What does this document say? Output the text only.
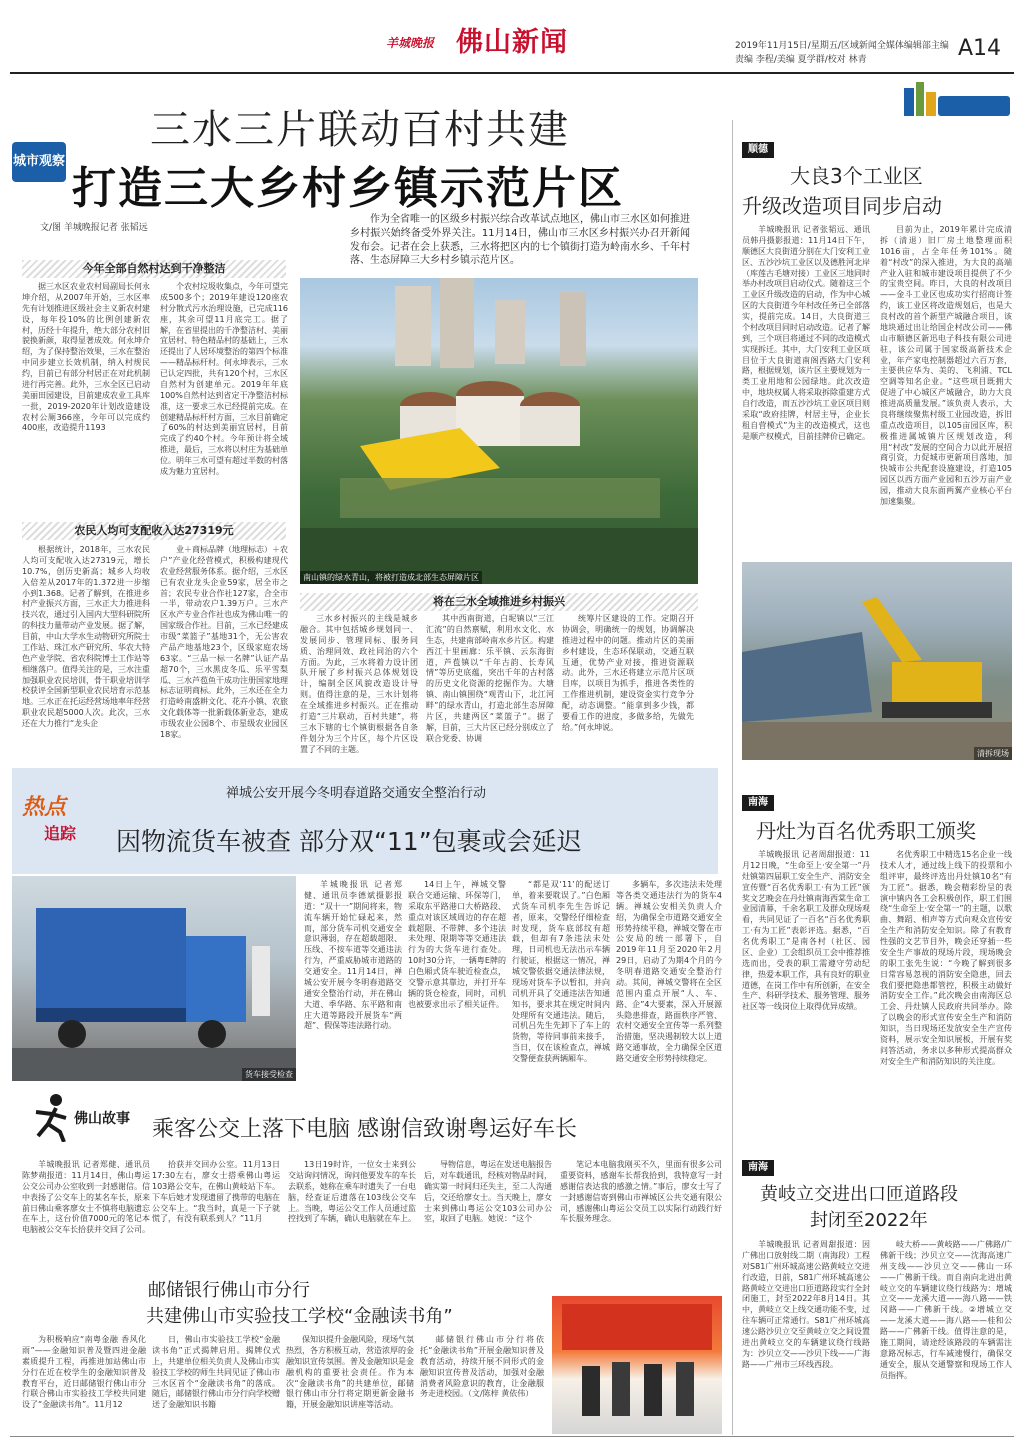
羊城晚报 佛山新闻	2019年11月15日/星期五/区域新闻全媒体编辑部主编
责编 李程/美编 夏学群/校对 林青	A14
城市观察
三水三片联动百村共建
打造三大乡村乡镇示范片区
文/图 羊城晚报记者 张韬远

作为全省唯一的区级乡村振兴综合改革试点地区，佛山市三水区如何推进乡村振兴始终备受外界关注。11月14日，佛山市三水区乡村振兴办召开新闻发布会。记者在会上获悉，三水将把区内的七个镇街打造为岭南水乡、千年村落、生态屏障三大乡村乡镇示范片区。

今年全部自然村达到干净整洁

据三水区农业农村局副局长何永坤介绍，从2007年开始，三水区率先有计划推进区级社会主义新农村建设，每年投10%的比例创建新农村，历经十年提升，绝大部分农村旧貌换新颜，取得显著成效。何永坤介绍，为了保持整治效果，三水在整治中同步建立长效机制，纳入村规民约，目前已有部分村居正在对此机制进行再完善。此外，三水全区已启动美丽田园建设，目前建成农业工具库一批，2019-2020年计划改造建设农村公厕366座，今年可以完成约400座，改造提升1193

个农村垃圾收集点，今年可望完成500多个；2019年建设120座农村分散式污水治理设施，已完成116座，其余可望11月底完工。据了解，在省里提出的千净整洁村、美丽宜居村、特色精品村的基础上，三水还提出了人居环境整治的第四个标准——精品标杆村。何永坤表示，三水已认定四批，共有120个村，三水区自然村为创建单元。2019年年底100%自然村达到省定干净整洁村标准，这一要求三水已经提前完成。在创建精品标杆村方面，三水目前确定了60%的村达到美丽宜居村，目前完成了约40个村。今年预计将全域推进，最后，三水将以村庄为基础单位。明年三水可望有超过半数的村落成为魅力宜居村。

农民人均可支配收入达27319元

根据统计，2018年，三水农民人均可支配收入达27319元，增长10.7%，创历史新高；城乡人均收入倍差从2017年的1.372进一步缩小到1.368。记者了解到，在推进乡村产业振兴方面，三水正大力推进科技兴农，通过引入国内大型科研院所的科技力量带动产业发展。据了解，目前，中山大学水生动物研究所院士工作站、珠江水产研究所、华农大特色产业学院、省农科院博士工作站等相继落户。值得关注的是，三水注重加强职业农民培训，骨干职业培训学校获评全国新型职业农民培育示范基地。三水正在托运经营场地率年经营职业农民超5000人次。此次，三水还在大力推行“龙头企

业＋商标品牌（地理标志）＋农户”产业化经营模式，积极构建现代农业经营服务体系。据介绍，三水区已有农业龙头企业59家，居全市之首；农民专业合作社127家，合全市一半，带动农户1.39万户。三水产区水产专业合作社也成为佛山唯一的国家级合作社。目前，三水已经建成市级“菜篮子”基地31个，无公害农产品产地基地23个，区级家庭农场63家。“三品一标一名牌”认证产品超70个，三水黑皮冬瓜、乐平雪梨瓜、三水芦苞鱼干成功注册国家地理标志证明商标。此外，三水还在全力打造岭南盛耕文化、花卉小镇、农旅文化载体等一批新载体新业态，建成市级农业公园8个、市星级农业园区18家。

南山镇的绿水青山，将被打造成北部生态屏障片区
将在三水全域推进乡村振兴

三水乡村振兴的主线是城乡融合。其中包括城乡规划同一、发展同步、管理同标、服务同质、治理同效、政社同治的六个方面。为此，三水将着力设计团队开展了乡村振兴总体规划设计，编制全区风貌改造设计导则。值得注意的是，三水计划将在全域推进乡村振兴。正在推动打造“三片联动，百村共建”，将三水下辖的七个镇街根据各自条件划分为三个片区，每个片区设置了不同的主题。

其中西南街道，白坭镇以“三江汇流”的自然禀赋，利用水文化、水生态，共建南部岭南水乡片区。构建西江十里画廊：乐平镇、云东海街道，芦苞镇以“千年古韵、长寿风情”等历史底蕴，突出千年的古村落的历史文化资源的挖掘作为。大塘镇、南山镇围绕“观青山下，北江河畔”的绿水青山，打造北部生态屏障片区，共建两区“菜篮子”。据了解，目前，三大片区已经分别成立了联合党委、协调

统筹片区建设的工作。定期召开协调会，明确统一的规划，协调解决推进过程中的问题。推动片区的美丽乡村建设，生态环保联动，交通互联互通，优势产业对接，推进资源联动。此外，三水还将建立示范片区项目库，以项目为抓手，推进各类性的工作推进机制，建设资金实行竞争分配，动态调整。“能拿到多少钱，都要看工作的进度，多做多给，先做先给。”何永坤说。

顺德
大良3个工业区
升级改造项目同步启动

羊城晚报讯 记者张韬远、通讯员韩丹摄影报道：11月14日下午，顺德区大良街道分别在大门安利工业区、五沙沙坑工业区以及德胜河北岸（库莲古毛塘对接）工业区三地同时举办村改项目启动仪式。随着这三个工业区升级改造的启动，作为中心城区的大良街道今年村改任务已全部落实，提前完成。14日，大良街道三个村改项目同时启动改造。记者了解到，三个项目将通过不同的改造模式实现拆迁。其中，大门安利工业区项目位于大良街道南阁西路大门安利路，根据规划，该片区主要规划为一类工业用地和公园绿地。此次改造中，地块权属人将采取拆除重建方式自行改造，而五沙沙坑工业区项目则采取“政府挂牌，村居主导，企业长租自营模式”为主的改造模式，这也是顺产权模式，目前挂牌价已确定。

目前为止，2019年累计完成清拆（清退）旧厂房土地整理面积1016亩，占全年任务101%。随着“村改”的深入推进，为大良的高端产业入驻和城市建设项目提供了不少的宝贵空间。昨日，大良的村改项目——金斗工业区也成功实行招商计签约，该工业区将改造规划后，也是大良村改的首个新型产城融合项目，该地块通过出让给国企村改公司——佛山市顺德区新迅电子科技有限公司进驻，该公司属于国家级高新技术企业，年产家电控制器超过六百万套，主要供应华为、美的、飞利浦、TCL 空调等知名企业。“这些项目既拥大促进了中心城区产城融合，助力大良推进高质量发展。”该负责人表示，大良将继续聚焦村级工业园改造，拆旧重点改造项目，以105亩园区库，积极推进属城镇片区规划改造，利用“村改”发展的空间合力以此开展招商引资，力促城市更新项目落地，加快城市公共配套设施建设，打造105园区以西方面产业园和五沙万亩产业园，推动大良东面两翼产业核心平台加速集聚。

清拆现场
南海
丹灶为百名优秀职工颁奖

羊城晚报讯 记者周甜报道：11月12日晚，“生命至上·安全第一”丹灶镇第四届职工安全生产、消防安全宣传暨“百名优秀职工·有为工匠”颁奖文艺晚会在丹灶镇南海西棠生命工业园清幕，千余名职工及群众现场观看，共同见证了一百名“百名优秀职工·有为工匠”表彰评选。据悉，“百名优秀职工”是南各村（社区、园区、企业）工会组织员工会中推荐推选而出，受表的职工需遵守劳动纪律，热爱本职工作，具有良好的职业道德，在岗工作中有所创新，在安全生产、科研学技术、服务管理、服务社区等一线岗位上取得优异成绩。

名优秀职工中精选15名企业一线技术人才，通过线上线下的投票和小组评审，最终评选出丹灶镇10名“有为工匠”。据悉，晚会精彩纷呈的表演中镇内各工会积极创作，职工们围绕“生命至上·安全第一”的主题，以歌曲、舞蹈、相声等方式向观众宣传安全生产和消防安全知识。除了有教育性强的文艺节目外，晚会还穿插一些安全生产事故的现场片段，现场晚会的职工张先生说：“今晚了解到很多日常容易忽视的消防安全隐患，回去我们要把隐患都管控，积极主动做好消防安全工作。”此次晚会由南海区总工会、丹灶镇人民政府共同举办。除了以晚会的形式宣传安全生产和消防知识，当日现场还发放安全生产宣传资料，展示安全知识展板，开展有奖问答活动，务求以多种形式提高群众对安全生产和消防知识的关注度。

南海
黄岐立交进出口匝道路段
封闭至2022年

羊城晚报讯 记者周甜报道：因广佛出口放射线二期（南海段）工程对S81广州环城高速公路黄岐立交进行改造，日前，S81广州环城高速公路黄岐立交进出口匝道路段实行全封闭施工，封至2022年8月14日。其中，黄岐立交上线交通功能不变，过往车辆可正常通行。S81广州环城高速公路沙贝立交至黄岐立交之间设置进出黄岐立交的车辆建议绕行线路为：沙贝立交——沙贝下线——广海路——广州市三环线西段。

岐大桥——黄岐路——广佛路/广佛新干线；沙贝立交——沈海高速广州支线——沙贝立交——佛山一环——广佛新干线。而自南向北进出黄岐立交的车辆建议绕行线路为：增城立交——龙溪大道——海八路——铁冈路——广佛新干线。②增城立交——龙溪大道——海八路——桂和公路——广佛新干线。值得注意的是，施工期间，请途经该路段的车辆需注意路况标志，行车减速慢行，确保交通安全，服从交通警察和现场工作人员指挥。

热点
追踪
禅城公安开展今冬明春道路交通安全整治行动
因物流货车被查 部分双“11”包裹或会延迟
货车接受检查

羊城晚报讯 记者郑健、通讯员李德斌摄影报道：“双十一”期间将来，物流车辆开始忙碌起来，然而，部分货车司机交通安全意识薄弱，存在超载超限、压线、不按车道等交通违法行为，严重威胁城市道路的交通安全。11月14日，禅城公安开展今冬明春道路交通安全整治行动，并在佛山大道、季华路、东平路和南庄大道等路段开展货车“两超”、假保等违法路行动。

14日上午，禅城交警联合交通运输、环保等门，采取东平路港口大桥路段、重点对该区域周边的存在超载超限、不带牌、多个违法未处理、限期等等交通违法行为的大货车进行查处。10时30分许，一辆粤E牌的白色厢式货车驶近检查点，交警示意其靠边，并打开车辆的货仓检查，同时，司机也被要求出示了相关证件。

“都是双‘11’的配送订单，着来要耽误了。”白色厢式货车司机李先生告诉记者，原来，交警经仔细检查时发现，货车底部纹有超载，但却有7条违法未处理，日司机也无法出示车辆行驶证，根据这一情况，禅城交警依据交通法律法规，现场对货车予以暂扣，并向司机开具了交通违法告知通知书，要求其在规定时间内处理所有交通违法。随后，司机吕先生先卸下了车上的货物，等待同事前来接手，当日，仅在该检查点，禅城交警便查获两辆厢车。

多辆车，多次违法未处理等各类交通违法行为的货车4辆。禅城公安相关负责人介绍，为确保全市道路交通安全形势持续平稳，禅城交警在市公安局的统一部署下，自2019年11月至2020年2月29日，启动了为期4个月的今冬明春道路交通安全整治行动。其间，禅城交警将在全区范围内重点开展“人、车、路、企”4大要素，深入开展源头隐患排查，路面秩序严管、农村交通安全宣传等一系列整治措施，坚决遏制较大以上道路交通事故，全力确保全区道路交通安全形势持续稳定。

佛山故事 乘客公交上落下电脑 感谢信致谢粤运好车长

羊城晚报讯 记者郑健、通讯员陈梦蒴报道：11月14日，佛山粤运公交公司办公室收到一封感谢信。信中表扬了公交车上的某名车长，原来前日佛山乘客廖女士不慎将电脑遗忘在车上，这台价值7000元的笔记本电脑被公交车长拾获并交回了公司。

拾获并交回办公室。11月13日17:30左右，廖女士搭乘佛山粤运103路公交车，在佛山黄岐站下车。下车后她才发现遗留了携带的电脑在公交车上。“我当时，真是一下子就慌了，有没有联系到人？”11月

13日19时许，一位女士来到公交站询问情况，询问他要发车的车长去联系，她称在乘车时遗失了一台电脑，经查证后遗落在103线公交车上。当晚，粤运公交工作人员通过监控找到了车辆，确认电脑就在车上。

导物信息，粤运在发送电脑报告后，对车载通讯，经核对物品时间，确实第一时间归还失主，至二人沟通后，交还给廖女士。当天晚上，廖女士来到佛山粤运公交103公司办公室，取回了电脑。她说：“这个

笔记本电脑我刚买不久，里面有很多公司重要资料，感谢车长帮我拾到，我特意写一封感谢信表达我的感激之情。”事后，廖女士写了一封感谢信寄到佛山市禅城区公共交通有限公司，感谢佛山粤运公交员工以实际行动践行好车长服务理念。

邮储银行佛山市分行
共建佛山市实验技工学校“金融读书角”

为积极响应“南粤金融 香风化雨”——金融知识普及暨四进金融素质提升工程，再推进加站佛山市分行在近在校学生的金融知识普及教育平台，近日邮储银行佛山市分行联合佛山市实验技工学校共同建设了“金融读书角”。11月12

日，佛山市实验技工学校“金融读书角”正式揭牌启用。揭牌仪式上，共建单位相关负责人及佛山市实验技工学校的师生共同见证了佛山市三水区首个“金融读书角”的落成。随后，邮储银行佛山市分行向学校赠送了金融知识书籍

保知识提升金融风险，现场气氛热烈，各方积极互动，营造浓厚的金融知识宣传氛围。普及金融知识是金融机构的重要社会责任。作为本次“金融读书角”的共建单位，邮储银行佛山市分行将定期更新金融书籍，开展金融知识讲座等活动。

邮储银行佛山市分行将依托“金融读书角”开展金融知识普及教育活动，持续开展不同形式的金融知识宣传普及活动，加强对金融消费者风险意识的教育，让金融服务走进校园。（文/陈梓 黄依伟）
